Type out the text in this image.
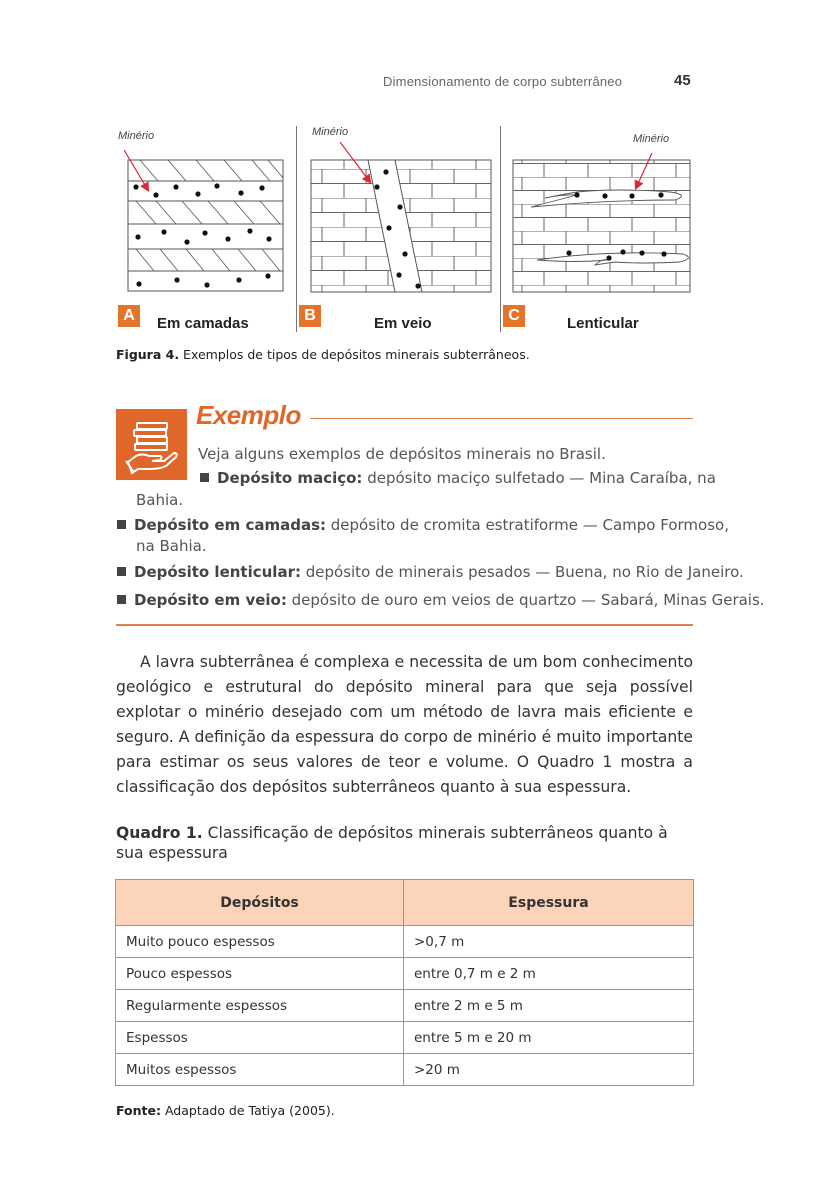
Dimensionamento de corpo subterrâneo	45
Minério
A	Em camadas
Minério
B	Em veio
Minério
C	Lenticular
Figura 4. Exemplos de tipos de depósitos minerais subterrâneos.
Exemplo
Veja alguns exemplos de depósitos minerais no Brasil.
Depósito maciço: depósito maciço sulfetado — Mina Caraíba, na
Bahia.
Depósito em camadas: depósito de cromita estratiforme — Campo Formoso,
na Bahia.
Depósito lenticular: depósito de minerais pesados — Buena, no Rio de Janeiro.
Depósito em veio: depósito de ouro em veios de quartzo — Sabará, Minas Gerais.
A lavra subterrânea é complexa e necessita de um bom conhecimento geológico e estrutural do depósito mineral para que seja possível explotar o minério desejado com um método de lavra mais eficiente e seguro. A definição da espessura do corpo de minério é muito importante para estimar os seus valores de teor e volume. O Quadro 1 mostra a classificação dos depósitos subterrâneos quanto à sua espessura.
Quadro 1. Classificação de depósitos minerais subterrâneos quanto à sua espessura
Depósitos	Espessura
Muito pouco espessos	>0,7 m
Pouco espessos	entre 0,7 m e 2 m
Regularmente espessos	entre 2 m e 5 m
Espessos	entre 5 m e 20 m
Muitos espessos	>20 m
Fonte: Adaptado de Tatiya (2005).
